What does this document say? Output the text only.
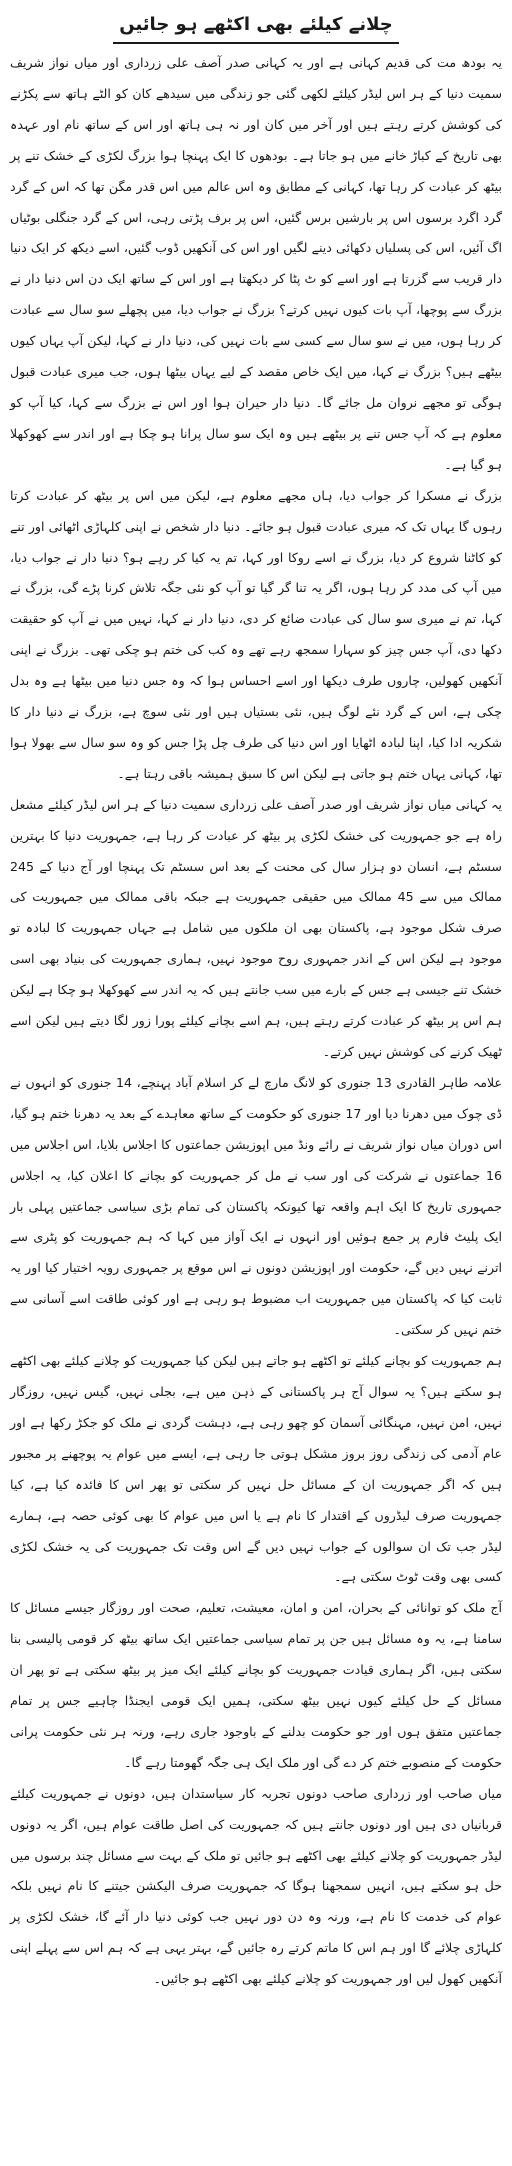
چلانے کیلئے بھی اکٹھے ہو جائیں

یہ بودھ مت کی قدیم کہانی ہے اور یہ کہانی صدر آصف علی زرداری اور میاں نواز شریف سمیت دنیا کے ہر اس لیڈر کیلئے لکھی گئی جو زندگی میں سیدھے کان کو الٹے ہاتھ سے پکڑنے کی کوشش کرتے رہتے ہیں اور آخر میں کان اور نہ ہی ہاتھ اور اس کے ساتھ نام اور عہدہ بھی تاریخ کے کباڑ خانے میں ہو جاتا ہے۔ بودھوں کا ایک پہنچا ہوا بزرگ لکڑی کے خشک تنے پر بیٹھ کر عبادت کر رہا تھا، کہانی کے مطابق وہ اس عالم میں اس قدر مگن تھا کہ اس کے گرد گرد اگرد برسوں اس پر بارشیں برس گئیں، اس پر برف پڑتی رہی، اس کے گرد جنگلی بوٹیاں اگ آئیں، اس کی پسلیاں دکھائی دینے لگیں اور اس کی آنکھیں ڈوب گئیں، اسے دیکھ کر ایک دنیا دار قریب سے گزرتا ہے اور اسے کو ٹ پٹا کر دیکھتا ہے اور اس کے ساتھ ایک دن اس دنیا دار نے بزرگ سے پوچھا، آپ بات کیوں نہیں کرتے؟ بزرگ نے جواب دیا، میں پچھلے سو سال سے عبادت کر رہا ہوں، میں نے سو سال سے کسی سے بات نہیں کی، دنیا دار نے کہا، لیکن آپ یہاں کیوں بیٹھے ہیں؟ بزرگ نے کہا، میں ایک خاص مقصد کے لیے یہاں بیٹھا ہوں، جب میری عبادت قبول ہوگی تو مجھے نروان مل جائے گا۔ دنیا دار حیران ہوا اور اس نے بزرگ سے کہا، کیا آپ کو معلوم ہے کہ آپ جس تنے پر بیٹھے ہیں وہ ایک سو سال پرانا ہو چکا ہے اور اندر سے کھوکھلا ہو گیا ہے۔

بزرگ نے مسکرا کر جواب دیا، ہاں مجھے معلوم ہے، لیکن میں اس پر بیٹھ کر عبادت کرتا رہوں گا یہاں تک کہ میری عبادت قبول ہو جائے۔ دنیا دار شخص نے اپنی کلہاڑی اٹھائی اور تنے کو کاٹنا شروع کر دیا، بزرگ نے اسے روکا اور کہا، تم یہ کیا کر رہے ہو؟ دنیا دار نے جواب دیا، میں آپ کی مدد کر رہا ہوں، اگر یہ تنا گر گیا تو آپ کو نئی جگہ تلاش کرنا پڑے گی، بزرگ نے کہا، تم نے میری سو سال کی عبادت ضائع کر دی، دنیا دار نے کہا، نہیں میں نے آپ کو حقیقت دکھا دی، آپ جس چیز کو سہارا سمجھ رہے تھے وہ کب کی ختم ہو چکی تھی۔ بزرگ نے اپنی آنکھیں کھولیں، چاروں طرف دیکھا اور اسے احساس ہوا کہ وہ جس دنیا میں بیٹھا ہے وہ بدل چکی ہے، اس کے گرد نئے لوگ ہیں، نئی بستیاں ہیں اور نئی سوچ ہے، بزرگ نے دنیا دار کا شکریہ ادا کیا، اپنا لبادہ اٹھایا اور اس دنیا کی طرف چل پڑا جس کو وہ سو سال سے بھولا ہوا تھا، کہانی یہاں ختم ہو جاتی ہے لیکن اس کا سبق ہمیشہ باقی رہتا ہے۔

یہ کہانی میاں نواز شریف اور صدر آصف علی زرداری سمیت دنیا کے ہر اس لیڈر کیلئے مشعل راہ ہے جو جمہوریت کی خشک لکڑی پر بیٹھ کر عبادت کر رہا ہے، جمہوریت دنیا کا بہترین سسٹم ہے، انسان دو ہزار سال کی محنت کے بعد اس سسٹم تک پہنچا اور آج دنیا کے 245 ممالک میں سے 45 ممالک میں حقیقی جمہوریت ہے جبکہ باقی ممالک میں جمہوریت کی صرف شکل موجود ہے، پاکستان بھی ان ملکوں میں شامل ہے جہاں جمہوریت کا لبادہ تو موجود ہے لیکن اس کے اندر جمہوری روح موجود نہیں، ہماری جمہوریت کی بنیاد بھی اسی خشک تنے جیسی ہے جس کے بارے میں سب جانتے ہیں کہ یہ اندر سے کھوکھلا ہو چکا ہے لیکن ہم اس پر بیٹھ کر عبادت کرتے رہتے ہیں، ہم اسے بچانے کیلئے پورا زور لگا دیتے ہیں لیکن اسے ٹھیک کرنے کی کوشش نہیں کرتے۔

علامہ طاہر القادری 13 جنوری کو لانگ مارچ لے کر اسلام آباد پہنچے، 14 جنوری کو انہوں نے ڈی چوک میں دھرنا دیا اور 17 جنوری کو حکومت کے ساتھ معاہدے کے بعد یہ دھرنا ختم ہو گیا، اس دوران میاں نواز شریف نے رائے ونڈ میں اپوزیشن جماعتوں کا اجلاس بلایا، اس اجلاس میں 16 جماعتوں نے شرکت کی اور سب نے مل کر جمہوریت کو بچانے کا اعلان کیا، یہ اجلاس جمہوری تاریخ کا ایک اہم واقعہ تھا کیونکہ پاکستان کی تمام بڑی سیاسی جماعتیں پہلی بار ایک پلیٹ فارم پر جمع ہوئیں اور انہوں نے ایک آواز میں کہا کہ ہم جمہوریت کو پٹری سے اترنے نہیں دیں گے، حکومت اور اپوزیشن دونوں نے اس موقع پر جمہوری رویہ اختیار کیا اور یہ ثابت کیا کہ پاکستان میں جمہوریت اب مضبوط ہو رہی ہے اور کوئی طاقت اسے آسانی سے ختم نہیں کر سکتی۔

ہم جمہوریت کو بچانے کیلئے تو اکٹھے ہو جاتے ہیں لیکن کیا جمہوریت کو چلانے کیلئے بھی اکٹھے ہو سکتے ہیں؟ یہ سوال آج ہر پاکستانی کے ذہن میں ہے، بجلی نہیں، گیس نہیں، روزگار نہیں، امن نہیں، مہنگائی آسمان کو چھو رہی ہے، دہشت گردی نے ملک کو جکڑ رکھا ہے اور عام آدمی کی زندگی روز بروز مشکل ہوتی جا رہی ہے، ایسے میں عوام یہ پوچھنے پر مجبور ہیں کہ اگر جمہوریت ان کے مسائل حل نہیں کر سکتی تو پھر اس کا فائدہ کیا ہے، کیا جمہوریت صرف لیڈروں کے اقتدار کا نام ہے یا اس میں عوام کا بھی کوئی حصہ ہے، ہمارے لیڈر جب تک ان سوالوں کے جواب نہیں دیں گے اس وقت تک جمہوریت کی یہ خشک لکڑی کسی بھی وقت ٹوٹ سکتی ہے۔

آج ملک کو توانائی کے بحران، امن و امان، معیشت، تعلیم، صحت اور روزگار جیسے مسائل کا سامنا ہے، یہ وہ مسائل ہیں جن پر تمام سیاسی جماعتیں ایک ساتھ بیٹھ کر قومی پالیسی بنا سکتی ہیں، اگر ہماری قیادت جمہوریت کو بچانے کیلئے ایک میز پر بیٹھ سکتی ہے تو پھر ان مسائل کے حل کیلئے کیوں نہیں بیٹھ سکتی، ہمیں ایک قومی ایجنڈا چاہیے جس پر تمام جماعتیں متفق ہوں اور جو حکومت بدلنے کے باوجود جاری رہے، ورنہ ہر نئی حکومت پرانی حکومت کے منصوبے ختم کر دے گی اور ملک ایک ہی جگہ گھومتا رہے گا۔

میاں صاحب اور زرداری صاحب دونوں تجربہ کار سیاستدان ہیں، دونوں نے جمہوریت کیلئے قربانیاں دی ہیں اور دونوں جانتے ہیں کہ جمہوریت کی اصل طاقت عوام ہیں، اگر یہ دونوں لیڈر جمہوریت کو چلانے کیلئے بھی اکٹھے ہو جائیں تو ملک کے بہت سے مسائل چند برسوں میں حل ہو سکتے ہیں، انہیں سمجھنا ہوگا کہ جمہوریت صرف الیکشن جیتنے کا نام نہیں بلکہ عوام کی خدمت کا نام ہے، ورنہ وہ دن دور نہیں جب کوئی دنیا دار آئے گا، خشک لکڑی پر کلہاڑی چلائے گا اور ہم اس کا ماتم کرتے رہ جائیں گے، بہتر یہی ہے کہ ہم اس سے پہلے اپنی آنکھیں کھول لیں اور جمہوریت کو چلانے کیلئے بھی اکٹھے ہو جائیں۔
